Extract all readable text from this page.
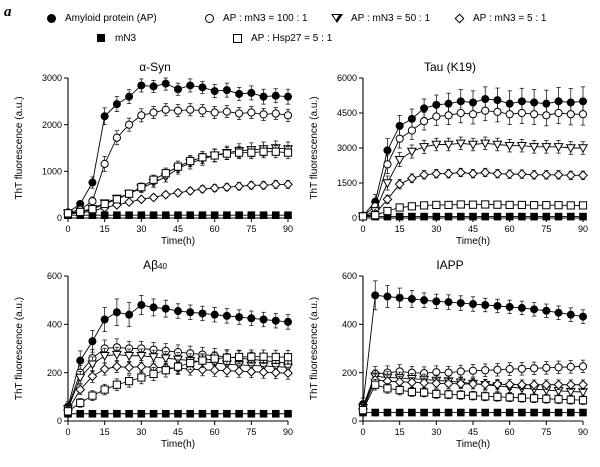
a	Amyloid protein (AP)	AP : mN3 = 100 : 1	AP : mN3 = 50 : 1	AP : mN3 = 5 : 1
mN3	AP : Hsp27 = 5 : 1
α-Syn
0	15	30	45	60	75	90
0
1000
2000
3000
ThT fluorescence (a.u.)
Time(h)
Tau (K19)
0	15	30	45	60	75	90
0
1500
3000
4500
6000
ThT fluorescence (a.u.)
Time(h)
Aβ40
0	15	30	45	60	75	90
0
200
400
600
ThT fluorescence (a.u.)
Time(h)
IAPP
0	15	30	45	60	75	90
0
200
400
600
ThT fluorescence (a.u.)
Time(h)
